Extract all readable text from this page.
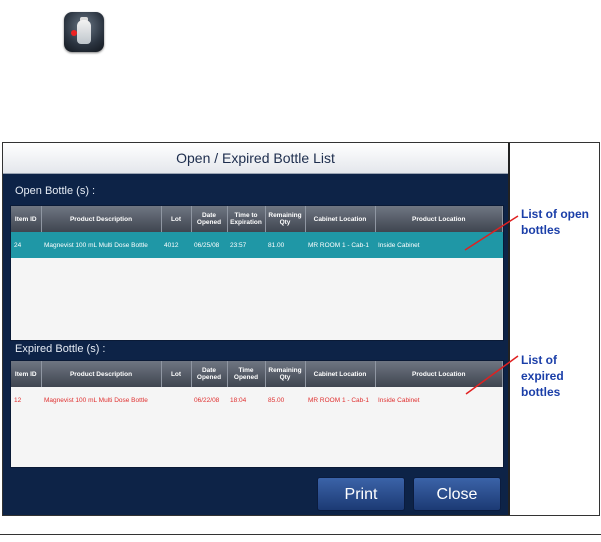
Open / Expired Bottle List
Open Bottle (s) :
Item ID	Product Description	Lot	Date Opened	Time to Expiration	Remaining Qty	Cabinet Location	Product Location
24	Magnevist 100 mL Multi Dose Bottle	4012	06/25/08	23:57	81.00	MR ROOM 1 - Cab-1	Inside Cabinet
Expired Bottle (s) :
Item ID	Product Description	Lot	Date Opened	Time Opened	Remaining Qty	Cabinet Location	Product Location
12	Magnevist 100 mL Multi Dose Bottle		06/22/08	18:04	85.00	MR ROOM 1 - Cab-1	Inside Cabinet
Print	Close
List of open bottles
List of expired bottles
